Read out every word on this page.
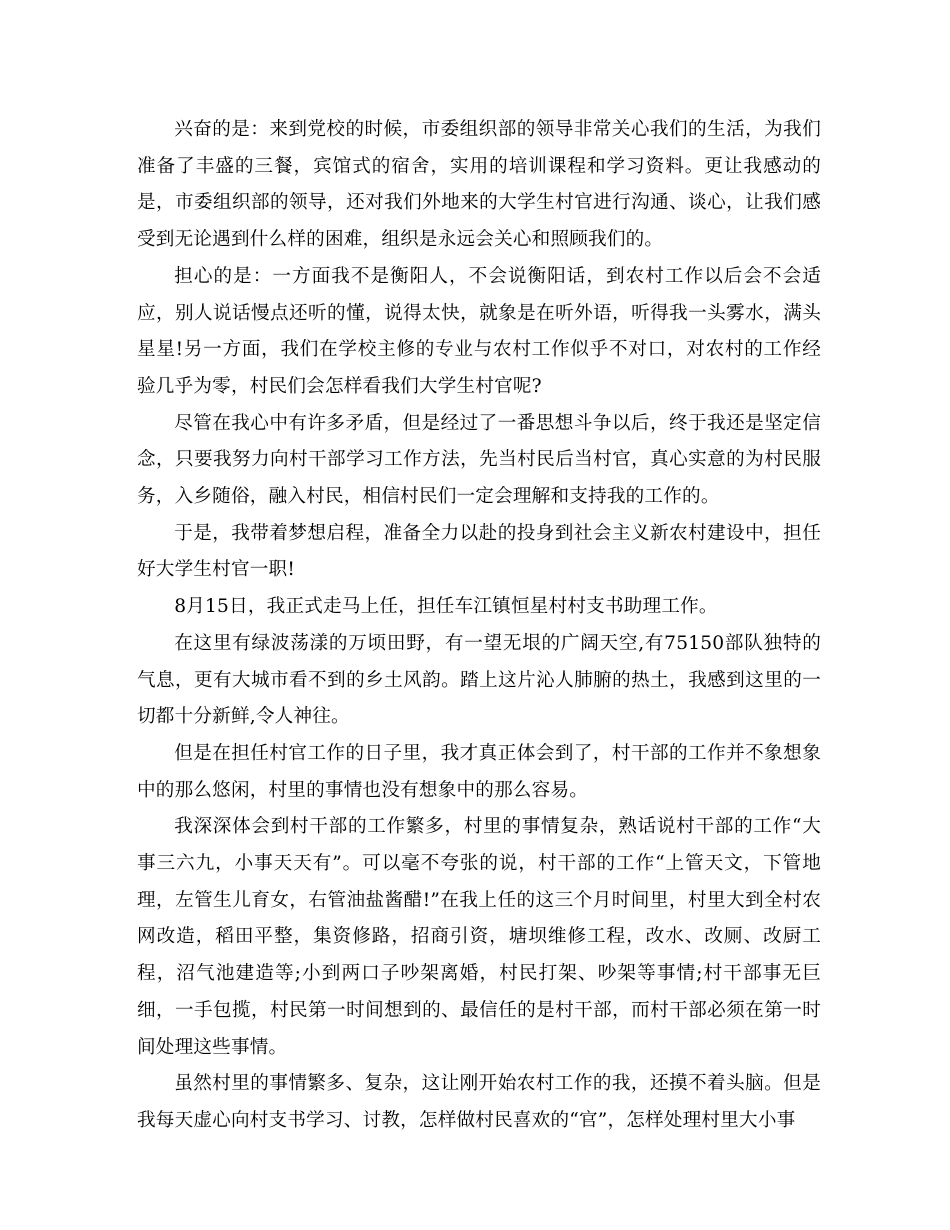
兴奋的是：来到党校的时候，市委组织部的领导非常关心我们的生活，为我们准备了丰盛的三餐，宾馆式的宿舍，实用的培训课程和学习资料。更让我感动的是，市委组织部的领导，还对我们外地来的大学生村官进行沟通、谈心，让我们感受到无论遇到什么样的困难，组织是永远会关心和照顾我们的。

担心的是：一方面我不是衡阳人，不会说衡阳话，到农村工作以后会不会适应，别人说话慢点还听的懂，说得太快，就象是在听外语，听得我一头雾水，满头星星!另一方面，我们在学校主修的专业与农村工作似乎不对口，对农村的工作经验几乎为零，村民们会怎样看我们大学生村官呢?

尽管在我心中有许多矛盾，但是经过了一番思想斗争以后，终于我还是坚定信念，只要我努力向村干部学习工作方法，先当村民后当村官，真心实意的为村民服务，入乡随俗，融入村民，相信村民们一定会理解和支持我的工作的。

于是，我带着梦想启程，准备全力以赴的投身到社会主义新农村建设中，担任好大学生村官一职!

8月15日，我正式走马上任，担任车江镇恒星村村支书助理工作。

在这里有绿波荡漾的万顷田野，有一望无垠的广阔天空,有75150部队独特的气息，更有大城市看不到的乡土风韵。踏上这片沁人肺腑的热土，我感到这里的一切都十分新鲜,令人神往。

但是在担任村官工作的日子里，我才真正体会到了，村干部的工作并不象想象中的那么悠闲，村里的事情也没有想象中的那么容易。

我深深体会到村干部的工作繁多，村里的事情复杂，熟话说村干部的工作“大事三六九，小事天天有”。可以毫不夸张的说，村干部的工作“上管天文，下管地理，左管生儿育女，右管油盐酱醋!”在我上任的这三个月时间里，村里大到全村农网改造，稻田平整，集资修路，招商引资，塘坝维修工程，改水、改厕、改厨工程，沼气池建造等;小到两口子吵架离婚，村民打架、吵架等事情;村干部事无巨细，一手包揽，村民第一时间想到的、最信任的是村干部，而村干部必须在第一时间处理这些事情。

虽然村里的事情繁多、复杂，这让刚开始农村工作的我，还摸不着头脑。但是我每天虚心向村支书学习、讨教，怎样做村民喜欢的“官”，怎样处理村里大小事
